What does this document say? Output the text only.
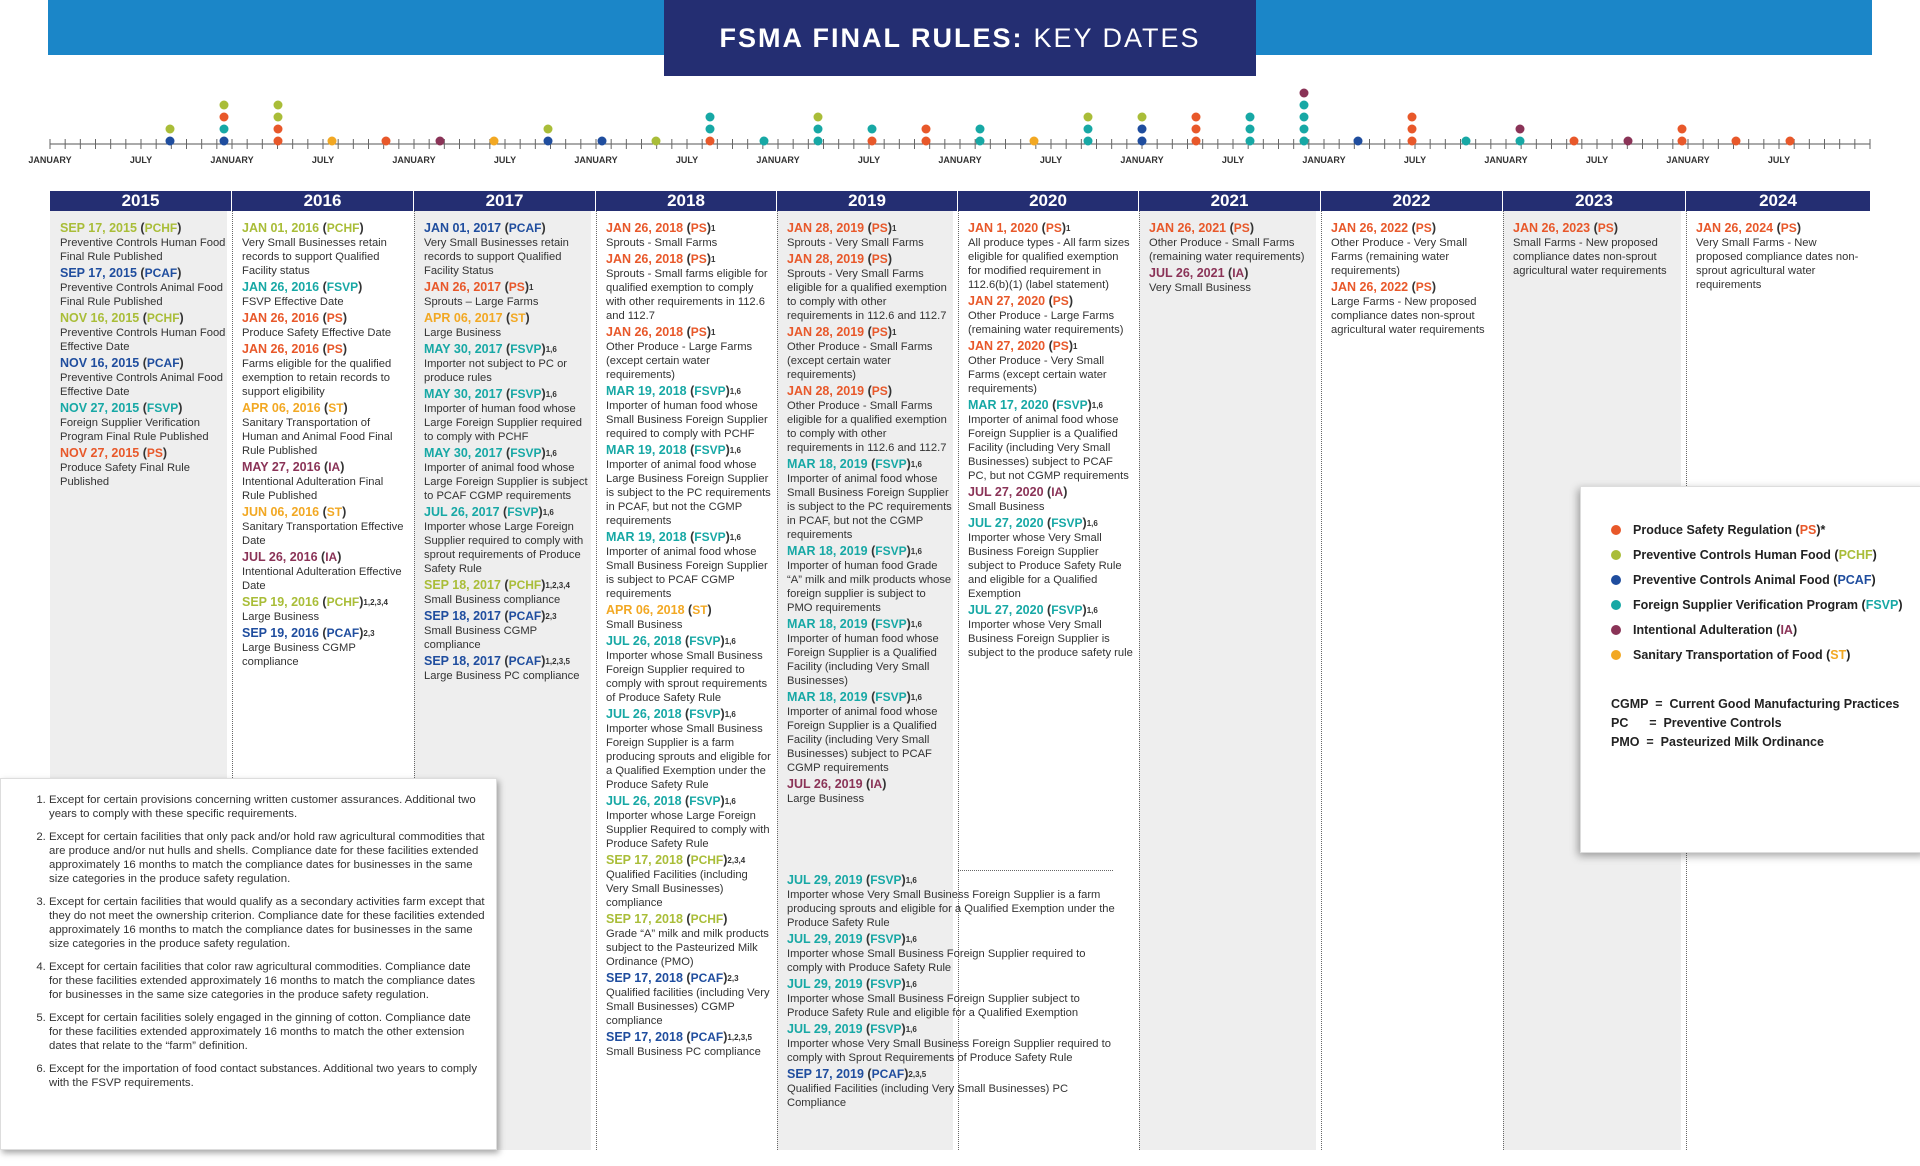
FSMA FINAL RULES: KEY DATES
JANUARY	JULY	JANUARY	JULY	JANUARY	JULY	JANUARY	JULY	JANUARY	JULY	JANUARY	JULY	JANUARY	JULY	JANUARY	JULY	JANUARY	JULY	JANUARY	JULY
2015
SEP 17, 2015 (PCHF)
Preventive Controls Human Food Final Rule Published
SEP 17, 2015 (PCAF)
Preventive Controls Animal Food Final Rule Published
NOV 16, 2015 (PCHF)
Preventive Controls Human Food Effective Date
NOV 16, 2015 (PCAF)
Preventive Controls Animal Food Effective Date
NOV 27, 2015 (FSVP)
Foreign Supplier Verification Program Final Rule Published
NOV 27, 2015 (PS)
Produce Safety Final Rule Published
2016
JAN 01, 2016 (PCHF)
Very Small Businesses retain records to support Qualified Facility status
JAN 26, 2016 (FSVP)
FSVP Effective Date
JAN 26, 2016 (PS)
Produce Safety Effective Date
JAN 26, 2016 (PS)
Farms eligible for the qualified exemption to retain records to support eligibility
APR 06, 2016 (ST)
Sanitary Transportation of Human and Animal Food Final Rule Published
MAY 27, 2016 (IA)
Intentional Adulteration Final Rule Published
JUN 06, 2016 (ST)
Sanitary Transportation Effective Date
JUL 26, 2016 (IA)
Intentional Adulteration Effective Date
SEP 19, 2016 (PCHF)$^{1,2,3,4}$
Large Business
SEP 19, 2016 (PCAF)$^{2,3}$
Large Business CGMP compliance
2017
JAN 01, 2017 (PCAF)
Very Small Businesses retain records to support Qualified Facility Status
JAN 26, 2017 (PS)$^1$
Sprouts – Large Farms
APR 06, 2017 (ST)
Large Business
MAY 30, 2017 (FSVP)$^{1,6}$
Importer not subject to PC or produce rules
MAY 30, 2017 (FSVP)$^{1,6}$
Importer of human food whose Large Foreign Supplier required to comply with PCHF
MAY 30, 2017 (FSVP)$^{1,6}$
Importer of animal food whose Large Foreign Supplier is subject to PCAF CGMP requirements
JUL 26, 2017 (FSVP)$^{1,6}$
Importer whose Large Foreign Supplier required to comply with sprout requirements of Produce Safety Rule
SEP 18, 2017 (PCHF)$^{1,2,3,4}$
Small Business compliance
SEP 18, 2017 (PCAF)$^{2,3}$
Small Business CGMP compliance
SEP 18, 2017 (PCAF)$^{1,2,3,5}$
Large Business PC compliance
2018
JAN 26, 2018 (PS)$^1$
Sprouts - Small Farms
JAN 26, 2018 (PS)$^1$
Sprouts - Small farms eligible for qualified exemption to comply with other requirements in 112.6 and 112.7
JAN 26, 2018 (PS)$^1$
Other Produce - Large Farms (except certain water requirements)
MAR 19, 2018 (FSVP)$^{1,6}$
Importer of human food whose Small Business Foreign Supplier required to comply with PCHF
MAR 19, 2018 (FSVP)$^{1,6}$
Importer of animal food whose Large Business Foreign Supplier is subject to the PC requirements in PCAF, but not the CGMP requirements
MAR 19, 2018 (FSVP)$^{1,6}$
Importer of animal food whose Small Business Foreign Supplier is subject to PCAF CGMP requirements
APR 06, 2018 (ST)
Small Business
JUL 26, 2018 (FSVP)$^{1,6}$
Importer whose Small Business Foreign Supplier required to comply with sprout requirements of Produce Safety Rule
JUL 26, 2018 (FSVP)$^{1,6}$
Importer whose Small Business Foreign Supplier is a farm producing sprouts and eligible for a Qualified Exemption under the Produce Safety Rule
JUL 26, 2018 (FSVP)$^{1,6}$
Importer whose Large Foreign Supplier Required to comply with Produce Safety Rule
SEP 17, 2018 (PCHF)$^{2,3,4}$
Qualified Facilities (including Very Small Businesses) compliance
SEP 17, 2018 (PCHF)
Grade “A” milk and milk products subject to the Pasteurized Milk Ordinance (PMO)
SEP 17, 2018 (PCAF)$^{2,3}$
Qualified facilities (including Very Small Businesses) CGMP compliance
SEP 17, 2018 (PCAF)$^{1,2,3,5}$
Small Business PC compliance
2019
JAN 28, 2019 (PS)$^1$
Sprouts - Very Small Farms
JAN 28, 2019 (PS)
Sprouts - Very Small Farms eligible for a qualified exemption to comply with other requirements in 112.6 and 112.7
JAN 28, 2019 (PS)$^1$
Other Produce - Small Farms (except certain water requirements)
JAN 28, 2019 (PS)
Other Produce - Small Farms eligible for a qualified exemption to comply with other requirements in 112.6 and 112.7
MAR 18, 2019 (FSVP)$^{1,6}$
Importer of animal food whose Small Business Foreign Supplier is subject to the PC requirements in PCAF, but not the CGMP requirements
MAR 18, 2019 (FSVP)$^{1,6}$
Importer of human food Grade “A” milk and milk products whose foreign supplier is subject to PMO requirements
MAR 18, 2019 (FSVP)$^{1,6}$
Importer of human food whose Foreign Supplier is a Qualified Facility (including Very Small Businesses)
MAR 18, 2019 (FSVP)$^{1,6}$
Importer of animal food whose Foreign Supplier is a Qualified Facility (including Very Small Businesses) subject to PCAF CGMP requirements
JUL 26, 2019 (IA)
Large Business
2020
JAN 1, 2020 (PS)$^1$
All produce types - All farm sizes eligible for qualified exemption for modified requirement in 112.6(b)(1) (label statement)
JAN 27, 2020 (PS)
Other Produce - Large Farms (remaining water requirements)
JAN 27, 2020 (PS)$^1$
Other Produce - Very Small Farms (except certain water requirements)
MAR 17, 2020 (FSVP)$^{1,6}$
Importer of animal food whose Foreign Supplier is a Qualified Facility (including Very Small Businesses) subject to PCAF PC, but not CGMP requirements
JUL 27, 2020 (IA)
Small Business
JUL 27, 2020 (FSVP)$^{1,6}$
Importer whose Very Small Business Foreign Supplier subject to Produce Safety Rule and eligible for a Qualified Exemption
JUL 27, 2020 (FSVP)$^{1,6}$
Importer whose Very Small Business Foreign Supplier is subject to the produce safety rule
2021
JAN 26, 2021 (PS)
Other Produce - Small Farms (remaining water requirements)
JUL 26, 2021 (IA)
Very Small Business
2022
JAN 26, 2022 (PS)
Other Produce - Very Small Farms (remaining water requirements)
JAN 26, 2022 (PS)
Large Farms - New proposed compliance dates non-sprout agricultural water requirements
2023
JAN 26, 2023 (PS)
Small Farms - New proposed compliance dates non-sprout agricultural water requirements
2024
JAN 26, 2024 (PS)
Very Small Farms - New proposed compliance dates non-sprout agricultural water requirements
JUL 29, 2019 (FSVP)$^{1,6}$
Importer whose Very Small Business Foreign Supplier is a farm producing sprouts and eligible for a Qualified Exemption under the Produce Safety Rule
JUL 29, 2019 (FSVP)$^{1,6}$
Importer whose Small Business Foreign Supplier required to comply with Produce Safety Rule
JUL 29, 2019 (FSVP)$^{1,6}$
Importer whose Small Business Foreign Supplier subject to Produce Safety Rule and eligible for a Qualified Exemption
JUL 29, 2019 (FSVP)$^{1,6}$
Importer whose Very Small Business Foreign Supplier required to comply with Sprout Requirements of Produce Safety Rule
SEP 17, 2019 (PCAF)$^{2,3,5}$
Qualified Facilities (including Very Small Businesses) PC Compliance
1. Except for certain provisions concerning written customer assurances. Additional two years to comply with these specific requirements.
2. Except for certain facilities that only pack and/or hold raw agricultural commodities that are produce and/or nut hulls and shells. Compliance date for these facilities extended approximately 16 months to match the compliance dates for businesses in the same size categories in the produce safety regulation.
3. Except for certain facilities that would qualify as a secondary activities farm except that they do not meet the ownership criterion. Compliance date for these facilities extended approximately 16 months to match the compliance dates for businesses in the same size categories in the produce safety regulation.
4. Except for certain facilities that color raw agricultural commodities. Compliance date for these facilities extended approximately 16 months to match the compliance dates for businesses in the same size categories in the produce safety regulation.
5. Except for certain facilities solely engaged in the ginning of cotton. Compliance date for these facilities extended approximately 16 months to match the other extension dates that relate to the “farm” definition.
6. Except for the importation of food contact substances. Additional two years to comply with the FSVP requirements.
Produce Safety Regulation (PS)*
Preventive Controls Human Food (PCHF)
Preventive Controls Animal Food (PCAF)
Foreign Supplier Verification Program (FSVP)
Intentional Adulteration (IA)
Sanitary Transportation of Food (ST)
CGMP  =  Current Good Manufacturing Practices
PC      =  Preventive Controls
PMO  =  Pasteurized Milk Ordinance
